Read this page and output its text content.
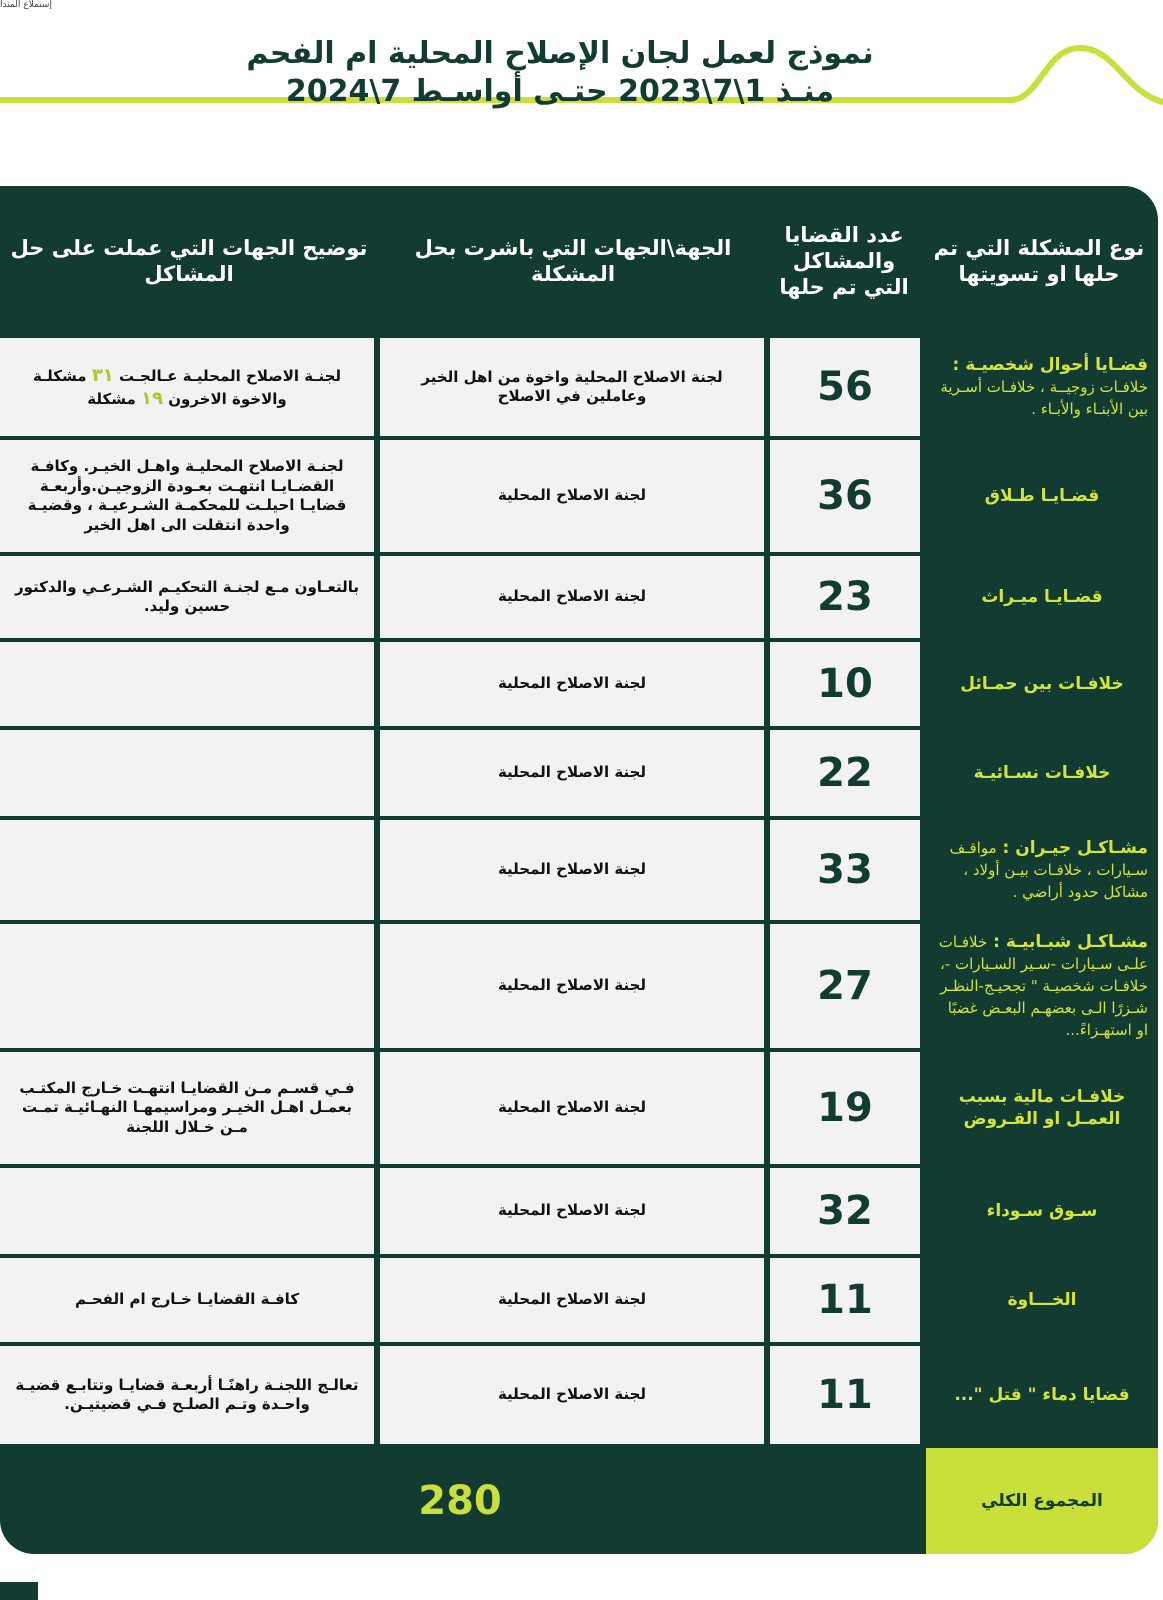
إستملاع المندا
نموذج لعمل لجان الإصلاح المحلية ام الفحم
منـذ 1\7\2023 حتـى أواسـط 7\2024
نوع المشكلة التي تم حلها او تسويتها
عدد القضايا والمشاكل التي تم حلها
الجهة\الجهات التي باشرت بحل المشكلة
توضيح الجهات التي عملت على حل المشاكل
قضـايا أحوال شخصيـة : خلافـات زوجيــة ، خلافـات أسـرية بين الأبنـاء والأبـاء .
56
لجنة الاصلاح المحلية واخوة من اهل الخير وعاملين في الاصلاح
لجنـة الاصلاح المحليـة عـالجـت ٣١ مشكلـة
والاخوة الاخرون ١٩ مشكلة
قضـايـا طـلاق
36
لجنة الاصلاح المحلية
لجنـة الاصلاح المحليـة واهـل الخيـر. وكافـة القضـايـا انتهـت بعـودة الزوجيـن.وأربعـة قضايـا احيلـت للمحكمـة الشـرعيـة ، وقضيـة واحدة انتقلت الى اهل الخير
قضـايـا ميـراث
23
لجنة الاصلاح المحلية
بالتعـاون مـع لجنـة التحكيـم الشـرعـي والدكتور حسين وليد.
خلافـات بين حمـائل
10
لجنة الاصلاح المحلية
خلافـات نسـائيـة
22
لجنة الاصلاح المحلية
مشـاكـل جيـران : مواقـف سـيارات ، خلافـات بيـن أولاد ، مشاكل حدود أراضي .
33
لجنة الاصلاح المحلية
مشـاكـل شبـابيـة : خلافـات علـى سـيارات -سـير السـيارات -، خلافـات شخصيـة " تجحيـج-النظـر شـزرًا الـى بعضهـم البعـض غضبًا او استهـزاءً...
27
لجنة الاصلاح المحلية
خلافـات مالية بسبب العمـل او القـروض
19
لجنة الاصلاح المحلية
فـي قسـم مـن القضايـا انتهـت خـارج المكتـب بعمـل اهـل الخيـر ومراسيمهـا النهـائيـة تمـت مـن خـلال اللجنة
سـوق سـوداء
32
لجنة الاصلاح المحلية
الخـــاوة
11
لجنة الاصلاح المحلية
كافـة القضايـا خـارج ام الفحـم
قضايا دماء " قتل "...
11
لجنة الاصلاح المحلية
تعالـج اللجنـة راهنًـا أربعـة قضايـا وتتابـع قضيـة واحـدة وتـم الصلـح فـي قضيتيـن.
المجموع الكلي
280
